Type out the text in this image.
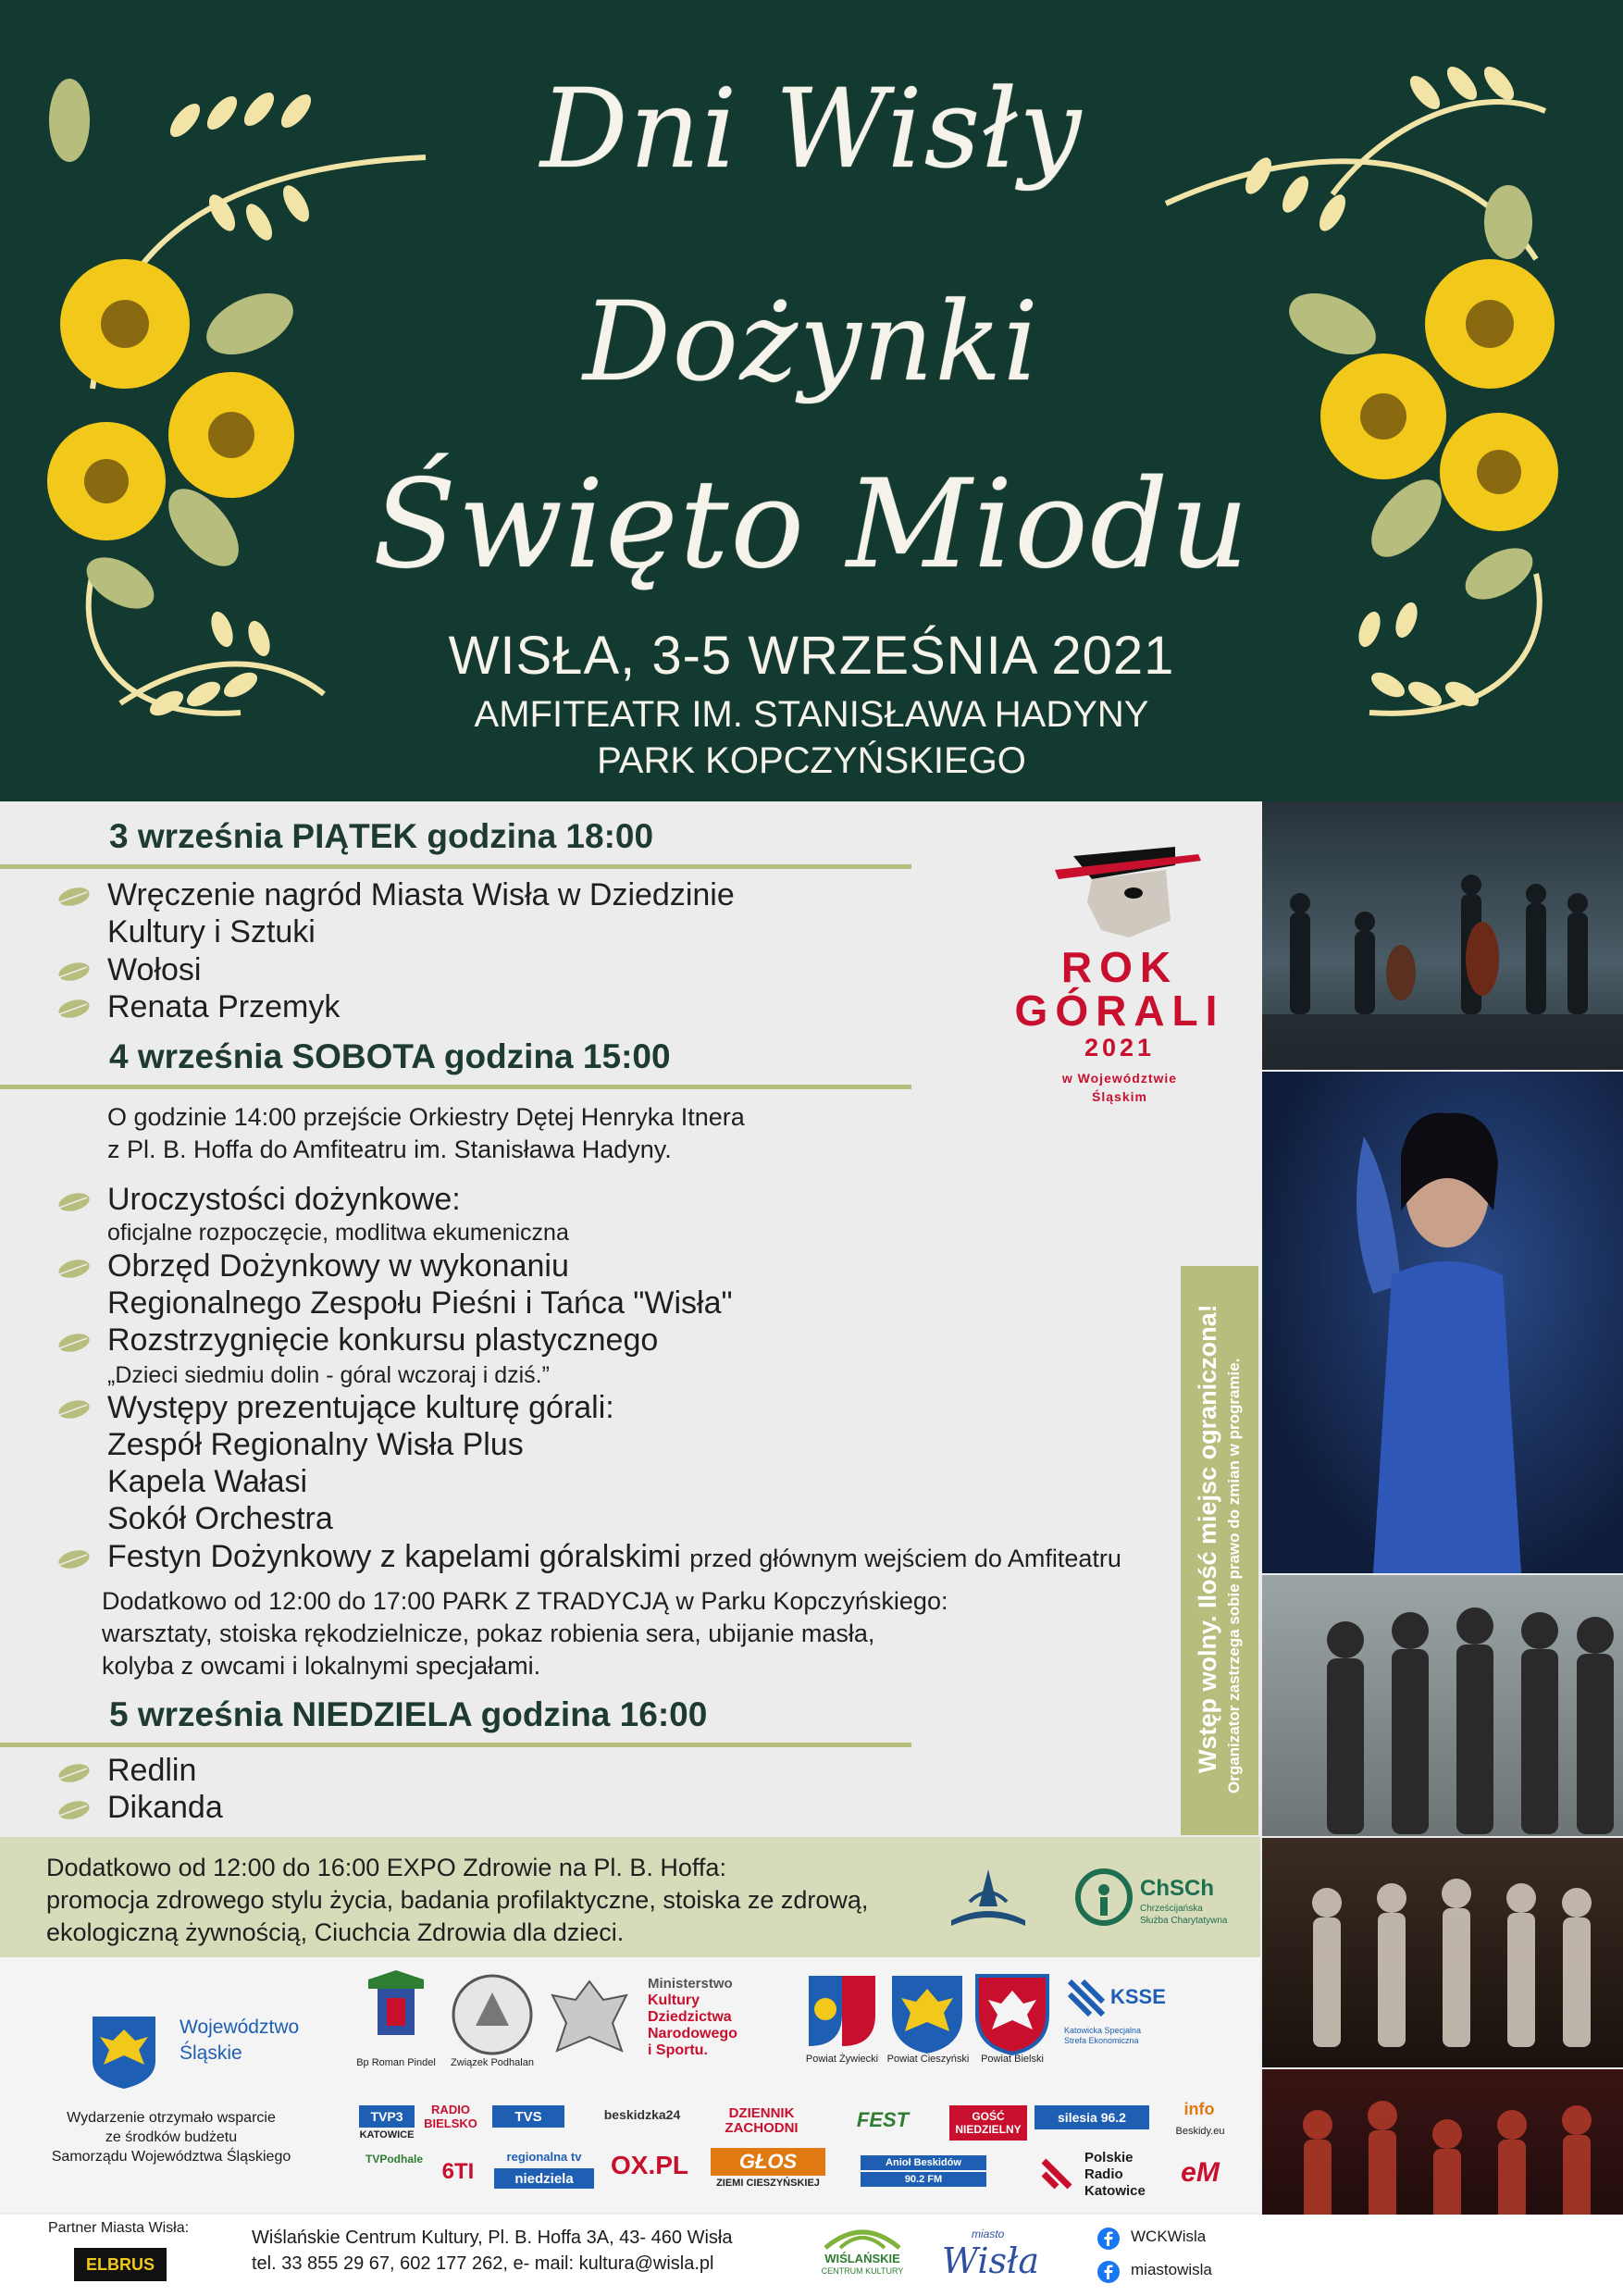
Dni Wisły
Dożynki
Święto Miodu
WISŁA, 3-5 WRZEŚNIA 2021
AMFITEATR IM. STANISŁAWA HADYNY
PARK KOPCZYŃSKIEGO
3 września PIĄTEK godzina 18:00
Wręczenie nagród Miasta Wisła w Dziedzinie
Kultury i Sztuki
Wołosi
Renata Przemyk
4 września SOBOTA godzina 15:00
O godzinie 14:00 przejście Orkiestry Dętej Henryka Itnera
z Pl. B. Hoffa do Amfiteatru im. Stanisława Hadyny.
Uroczystości dożynkowe:
oficjalne rozpoczęcie, modlitwa ekumeniczna
Obrzęd Dożynkowy w wykonaniu
Regionalnego Zespołu Pieśni i Tańca "Wisła"
Rozstrzygnięcie konkursu plastycznego
„Dzieci siedmiu dolin - góral wczoraj i dziś.”
Występy prezentujące kulturę górali:
Zespół Regionalny Wisła Plus
Kapela Wałasi
Sokół Orchestra
Festyn Dożynkowy z kapelami góralskimi przed głównym wejściem do Amfiteatru
Dodatkowo od 12:00 do 17:00 PARK Z TRADYCJĄ w Parku Kopczyńskiego:
warsztaty, stoiska rękodzielnicze, pokaz robienia sera, ubijanie masła,
kolyba z owcami i lokalnymi specjałami.
5 września NIEDZIELA godzina 16:00
Redlin
Dikanda
ROK
GÓRALI
2021
w Województwie
Śląskim
Wstęp wolny. Ilość miejsc ograniczona! Organizator zastrzega sobie prawo do zmian w programie.
Dodatkowo od 12:00 do 16:00 EXPO Zdrowie na Pl. B. Hoffa:
promocja zdrowego stylu życia, badania profilaktyczne, stoiska ze zdrową,
ekologiczną żywnością, Ciuchcia Zdrowia dla dzieci.
ChSCh
Chrześcijańska
Służba Charytatywna
Województwo
Śląskie
Wydarzenie otrzymało wsparcie
ze środków budżetu
Samorządu Województwa Śląskiego
Bp Roman Pindel	Związek Podhalan
Ministerstwo
Kultury
Dziedzictwa
Narodowego
i Sportu.
Powiat Żywiecki Powiat Cieszyński	Powiat Bielski
KSSE
Katowicka Specjalna Strefa Ekonomiczna
TVP3
KATOWICE
RADIO BIELSKO	TVS	beskidzka24	DZIENNIK ZACHODNI	FEST	GOŚĆ NIEDZIELNY
silesia 96.2	info
Beskidy.eu
TVPodhale 6TI
regionalna tv
niedziela	OX.PL	GŁOS
ZIEMI CIESZYŃSKIEJ
Anioł Beskidów
90.2 FM
Polskie
Radio
Katowice
eM
Partner Miasta Wisła:
ELBRUS
Wiślańskie Centrum Kultury, Pl. B. Hoffa 3A, 43- 460 Wisła
tel. 33 855 29 67, 602 177 262, e- mail: kultura@wisla.pl	WIŚLAŃSKIE
CENTRUM KULTURY
miasto
Wisła
WCKWisla
miastowisla
